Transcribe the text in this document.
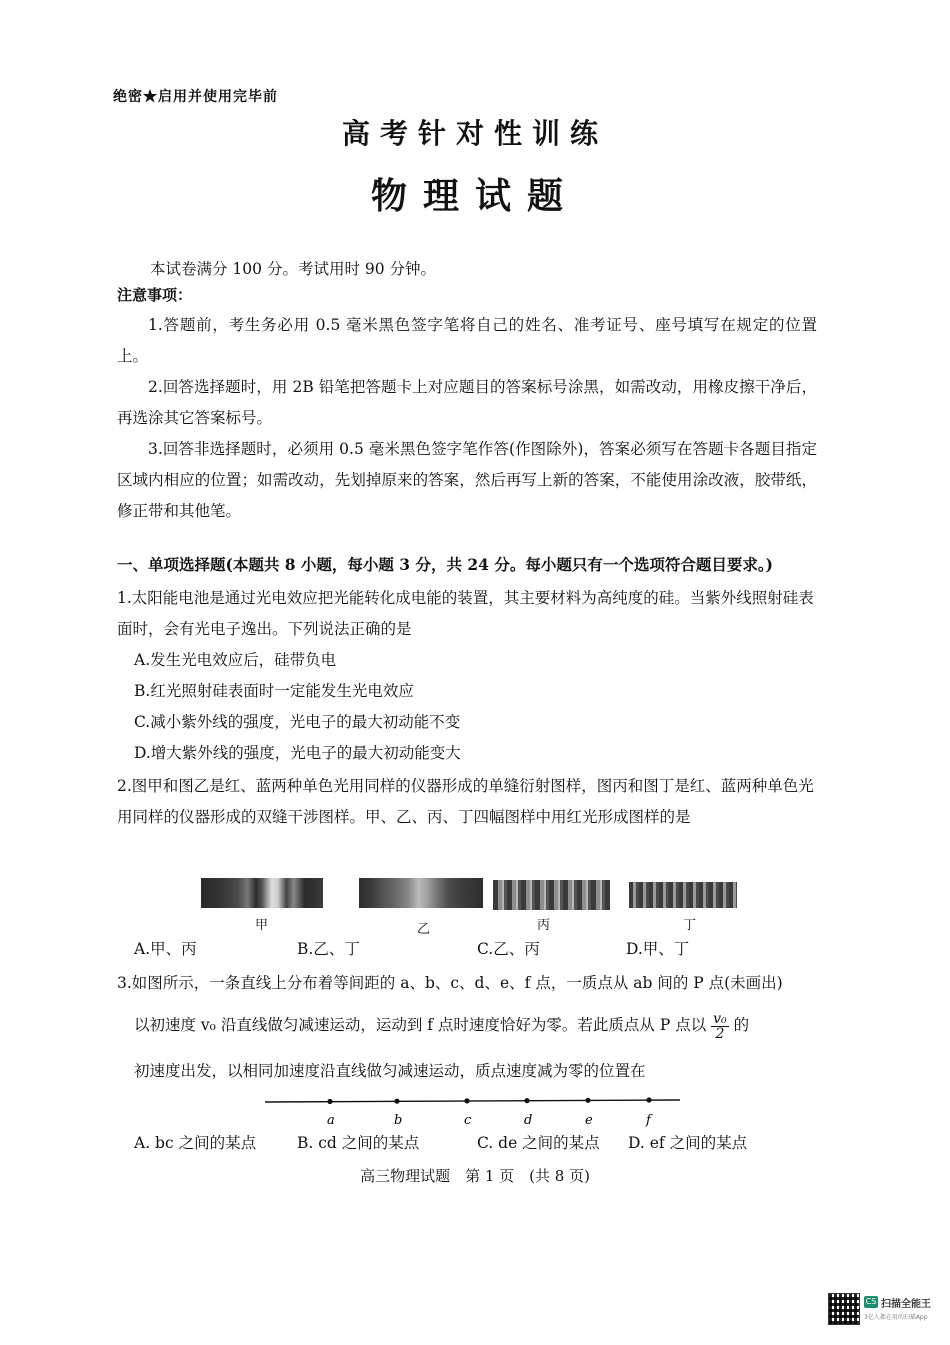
绝密★启用并使用完毕前
高考针对性训练
物理试题
本试卷满分 100 分。考试用时 90 分钟。
注意事项：

1.答题前，考生务必用 0.5 毫米黑色签字笔将自己的姓名、准考证号、座号填写在规定的位置上。

2.回答选择题时，用 2B 铅笔把答题卡上对应题目的答案标号涂黑，如需改动，用橡皮擦干净后，再选涂其它答案标号。

3.回答非选择题时，必须用 0.5 毫米黑色签字笔作答(作图除外)，答案必须写在答题卡各题目指定区域内相应的位置；如需改动，先划掉原来的答案，然后再写上新的答案，不能使用涂改液，胶带纸，修正带和其他笔。

一、单项选择题(本题共 8 小题，每小题 3 分，共 24 分。每小题只有一个选项符合题目要求。)
1.太阳能电池是通过光电效应把光能转化成电能的装置，其主要材料为高纯度的硅。当紫外线照射硅表面时，会有光电子逸出。下列说法正确的是
A.发生光电效应后，硅带负电
B.红光照射硅表面时一定能发生光电效应
C.减小紫外线的强度，光电子的最大初动能不变
D.增大紫外线的强度，光电子的最大初动能变大
2.图甲和图乙是红、蓝两种单色光用同样的仪器形成的单缝衍射图样，图丙和图丁是红、蓝两种单色光用同样的仪器形成的双缝干涉图样。甲、乙、丙、丁四幅图样中用红光形成图样的是
甲	乙	丙	丁
A.甲、丙	B.乙、丁	C.乙、丙	D.甲、丁
3.如图所示，一条直线上分布着等间距的 a、b、c、d、e、f 点，一质点从 ab 间的 P 点(未画出)
以初速度 v₀ 沿直线做匀减速运动，运动到 f 点时速度恰好为零。若此质点从 P 点以 $\frac{\text{v₀}}{2}$ 的
初速度出发，以相同加速度沿直线做匀减速运动，质点速度减为零的位置在
a	b	c	d	e	f
A. bc 之间的某点	B. cd 之间的某点	C. de 之间的某点 D. ef 之间的某点
高三物理试题　第 1 页　(共 8 页)
CS 扫描全能王
3亿人都在用的扫描App
